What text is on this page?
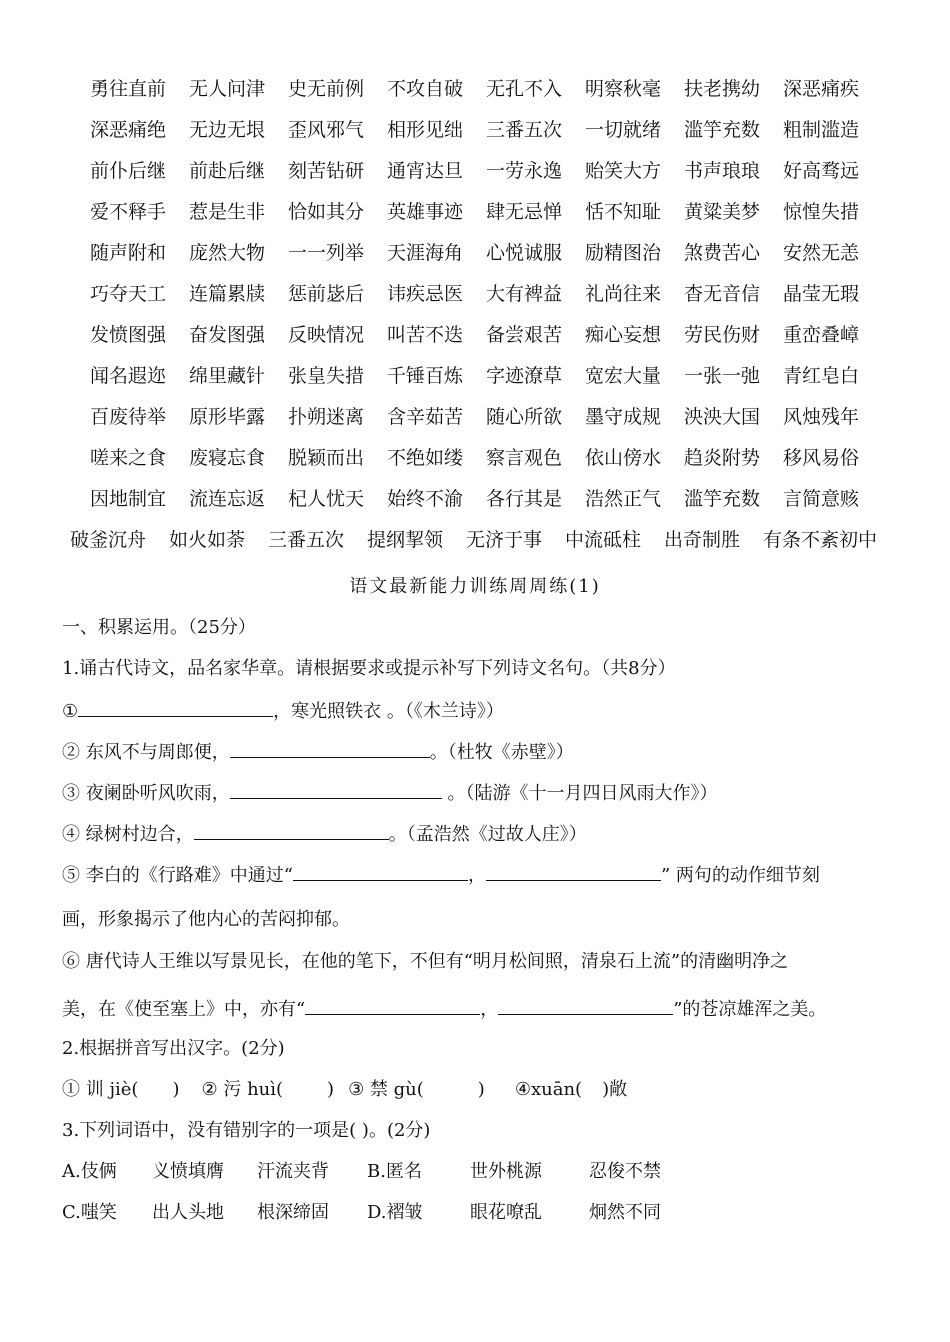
勇往直前 无人问津 史无前例 不攻自破 无孔不入 明察秋毫 扶老携幼 深恶痛疾
深恶痛绝 无边无垠 歪风邪气 相形见绌 三番五次 一切就绪 滥竽充数 粗制滥造
前仆后继 前赴后继 刻苦钻研 通宵达旦 一劳永逸 贻笑大方 书声琅琅 好高骛远
爱不释手 惹是生非 恰如其分 英雄事迹 肆无忌惮 恬不知耻 黄粱美梦 惊惶失措
随声附和 庞然大物 一一列举 天涯海角 心悦诚服 励精图治 煞费苦心 安然无恙
巧夺天工 连篇累牍 惩前毖后 讳疾忌医 大有裨益 礼尚往来 杳无音信 晶莹无瑕
发愤图强 奋发图强 反映情况 叫苦不迭 备尝艰苦 痴心妄想 劳民伤财 重峦叠嶂
闻名遐迩 绵里藏针 张皇失措 千锤百炼 字迹潦草 宽宏大量 一张一弛 青红皂白
百废待举 原形毕露 扑朔迷离 含辛茹苦 随心所欲 墨守成规 泱泱大国 风烛残年
嗟来之食 废寝忘食 脱颖而出 不绝如缕 察言观色 依山傍水 趋炎附势 移风易俗
因地制宜 流连忘返 杞人忧天 始终不渝 各行其是 浩然正气 滥竽充数 言简意赅
破釜沉舟 如火如荼 三番五次 提纲挈领 无济于事 中流砥柱 出奇制胜 有条不紊初中
语文最新能力训练周周练(1)
一、积累运用。（25分）
1.诵古代诗文，品名家华章。请根据要求或提示补写下列诗文名句。（共8分）
①	，寒光照铁衣 。（《木兰诗》）
② 东风不与周郎便，	。（杜牧《赤壁》）
③ 夜阑卧听风吹雨，	。（陆游《十一月四日风雨大作》）
④ 绿树村边合，	。（孟浩然《过故人庄》）
⑤ 李白的《行路难》中通过“	，	” 两句的动作细节刻
画，形象揭示了他内心的苦闷抑郁。
⑥ 唐代诗人王维以写景见长，在他的笔下，不但有“明月松间照，清泉石上流”的清幽明净之
美，在《使至塞上》中，亦有“	，	”的苍凉雄浑之美。
2.根据拼音写出汉字。(2分)
① 训 jiè( ) ② 污 huì( ) ③ 禁 gù(	) ④xuān( )敞
3.下列词语中，没有错别字的一项是( )。(2分)
A.伎俩 义愤填膺 汗流夹背 B.匿名	世外桃源	忍俊不禁
C.嗤笑 出人头地 根深缔固 D.褶皱	眼花嘹乱	炯然不同
